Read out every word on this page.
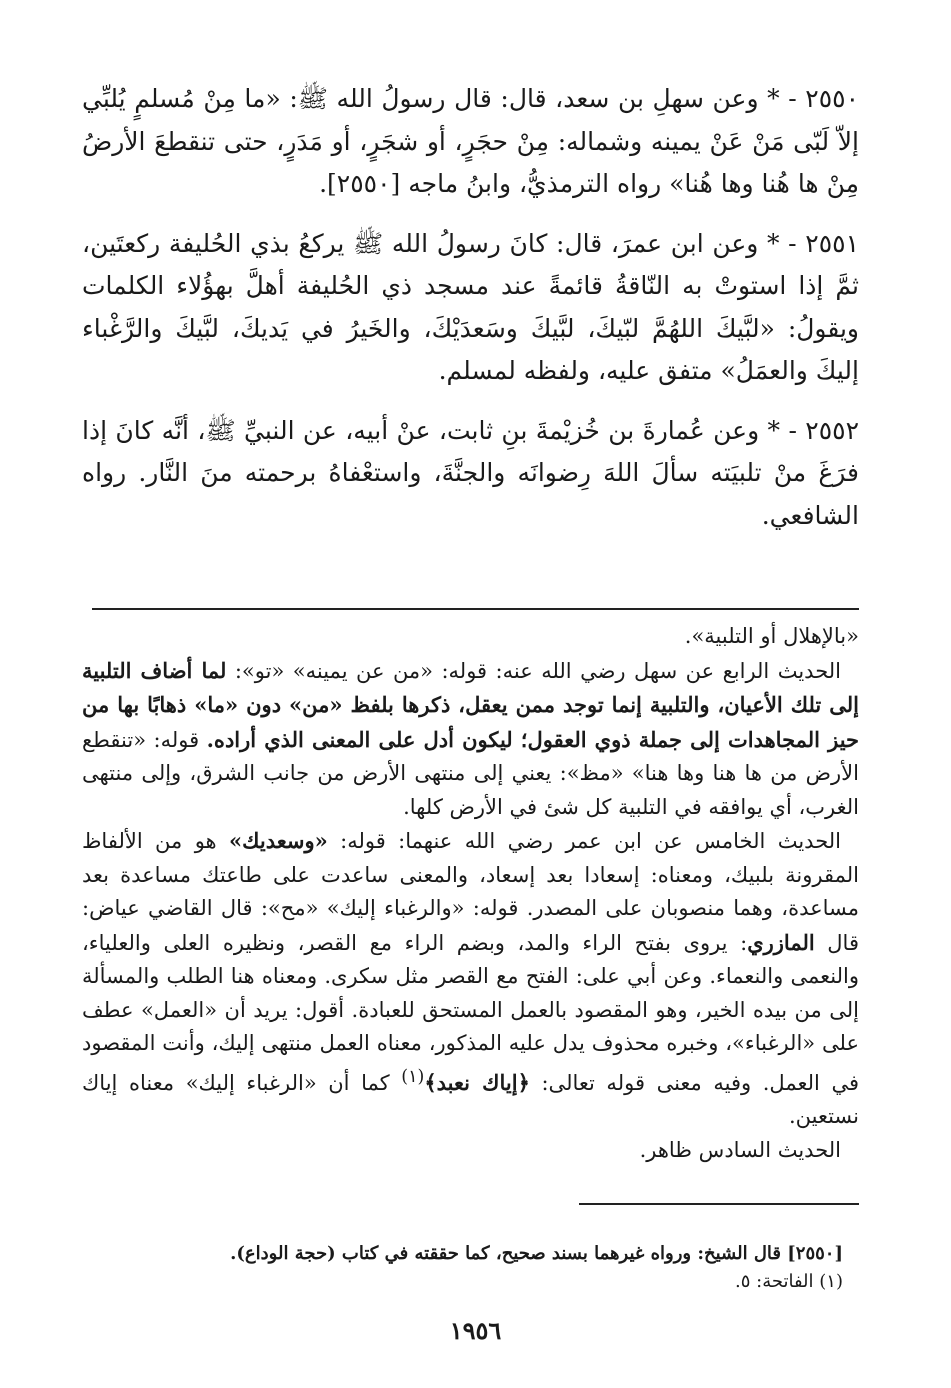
٢٥٥٠ - * وعن سهلِ بن سعد، قال: قال رسولُ الله ﷺ: «ما مِنْ مُسلمٍ يُلبِّي إلاّ لَبّى مَنْ عَنْ يمينه وشماله: مِنْ حجَرٍ، أو شجَرٍ، أو مَدَرٍ، حتى تنقطعَ الأرضُ مِنْ ها هُنا وها هُنا» رواه الترمذيُّ، وابنُ ماجه [٢٥٥٠].

٢٥٥١ - * وعن ابن عمرَ، قال: كانَ رسولُ الله ﷺ يركعُ بذي الحُليفة ركعتَين، ثمَّ إذا استوتْ به النّاقةُ قائمةً عند مسجد ذي الحُليفة أهلَّ بهؤُلاء الكلمات ويقولُ: «لبَّيكَ اللهُمَّ لبّيكَ، لبَّيكَ وسَعدَيْكَ، والخَيرُ في يَديكَ، لبَّيكَ والرَّغْباء إليكَ والعمَلُ» متفق عليه، ولفظه لمسلم.

٢٥٥٢ - * وعن عُمارةَ بن خُزيْمةَ بنِ ثابت، عنْ أبيه، عن النبيِّ ﷺ، أنَّه كانَ إذا فرَغَ منْ تلبيَته سألَ اللهَ رِضوانَه والجنَّةَ، واستعْفاهُ برحمته منَ النَّار. رواه الشافعي.

«بالإهلال أو التلبية».

الحديث الرابع عن سهل رضي الله عنه: قوله: «من عن يمينه» «تو»: لما أضاف التلبية إلى تلك الأعيان، والتلبية إنما توجد ممن يعقل، ذكرها بلفظ «من» دون «ما» ذهابًا بها من حيز المجاهدات إلى جملة ذوي العقول؛ ليكون أدل على المعنى الذي أراده. قوله: «تنقطع الأرض من ها هنا وها هنا» «مظ»: يعني إلى منتهى الأرض من جانب الشرق، وإلى منتهى الغرب، أي يوافقه في التلبية كل شئ في الأرض كلها.

الحديث الخامس عن ابن عمر رضي الله عنهما: قوله: «وسعديك» هو من الألفاظ المقرونة بلبيك، ومعناه: إسعادا بعد إسعاد، والمعنى ساعدت على طاعتك مساعدة بعد مساعدة، وهما منصوبان على المصدر. قوله: «والرغباء إليك» «مح»: قال القاضي عياض: قال المازري: يروى بفتح الراء والمد، وبضم الراء مع القصر، ونظيره العلى والعلياء، والنعمى والنعماء. وعن أبي على: الفتح مع القصر مثل سكرى. ومعناه هنا الطلب والمسألة إلى من بيده الخير، وهو المقصود بالعمل المستحق للعبادة. أقول: يريد أن «العمل» عطف على «الرغباء»، وخبره محذوف يدل عليه المذكور، معناه العمل منتهى إليك، وأنت المقصود في العمل. وفيه معنى قوله تعالى: ﴿إياك نعبد﴾$^{(١)}$ كما أن «الرغباء إليك» معناه إياك نستعين.

الحديث السادس ظاهر.

[٢٥٥٠] قال الشيخ: ورواه غيرهما بسند صحيح، كما حققته في كتاب (حجة الوداع).

(١) الفاتحة: ٥.

١٩٥٦
